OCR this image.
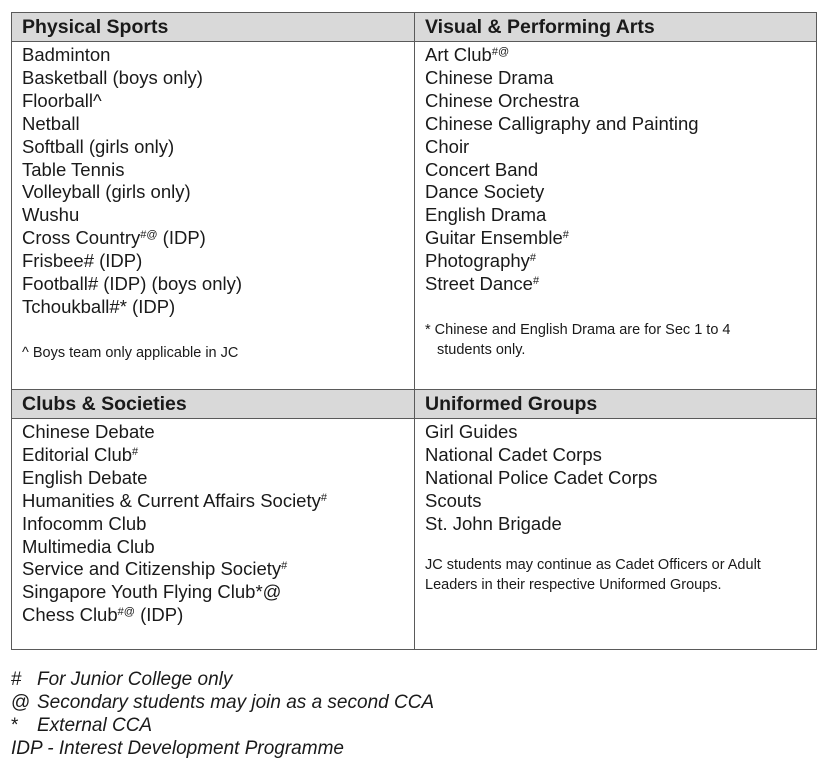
Physical Sports
Badminton
Basketball (boys only)
Floorball^
Netball
Softball (girls only)
Table Tennis
Volleyball (girls only)
Wushu
Cross Country#@ (IDP)
Frisbee# (IDP)
Football# (IDP) (boys only)
Tchoukball#* (IDP)

^ Boys team only applicable in JC

Visual & Performing Arts
Art Club#@
Chinese Drama
Chinese Orchestra
Chinese Calligraphy and Painting
Choir
Concert Band
Dance Society
English Drama
Guitar Ensemble#
Photography#
Street Dance#

* Chinese and English Drama are for Sec 1 to 4 students only.

Clubs & Societies
Chinese Debate
Editorial Club#
English Debate
Humanities & Current Affairs Society#
Infocomm Club
Multimedia Club
Service and Citizenship Society#
Singapore Youth Flying Club*@
Chess Club#@ (IDP)
Uniformed Groups
Girl Guides
National Cadet Corps
National Police Cadet Corps
Scouts
St. John Brigade

JC students may continue as Cadet Officers or Adult Leaders in their respective Uniformed Groups.

# For Junior College only
@ Secondary students may join as a second CCA
* External CCA
IDP - Interest Development Programme
